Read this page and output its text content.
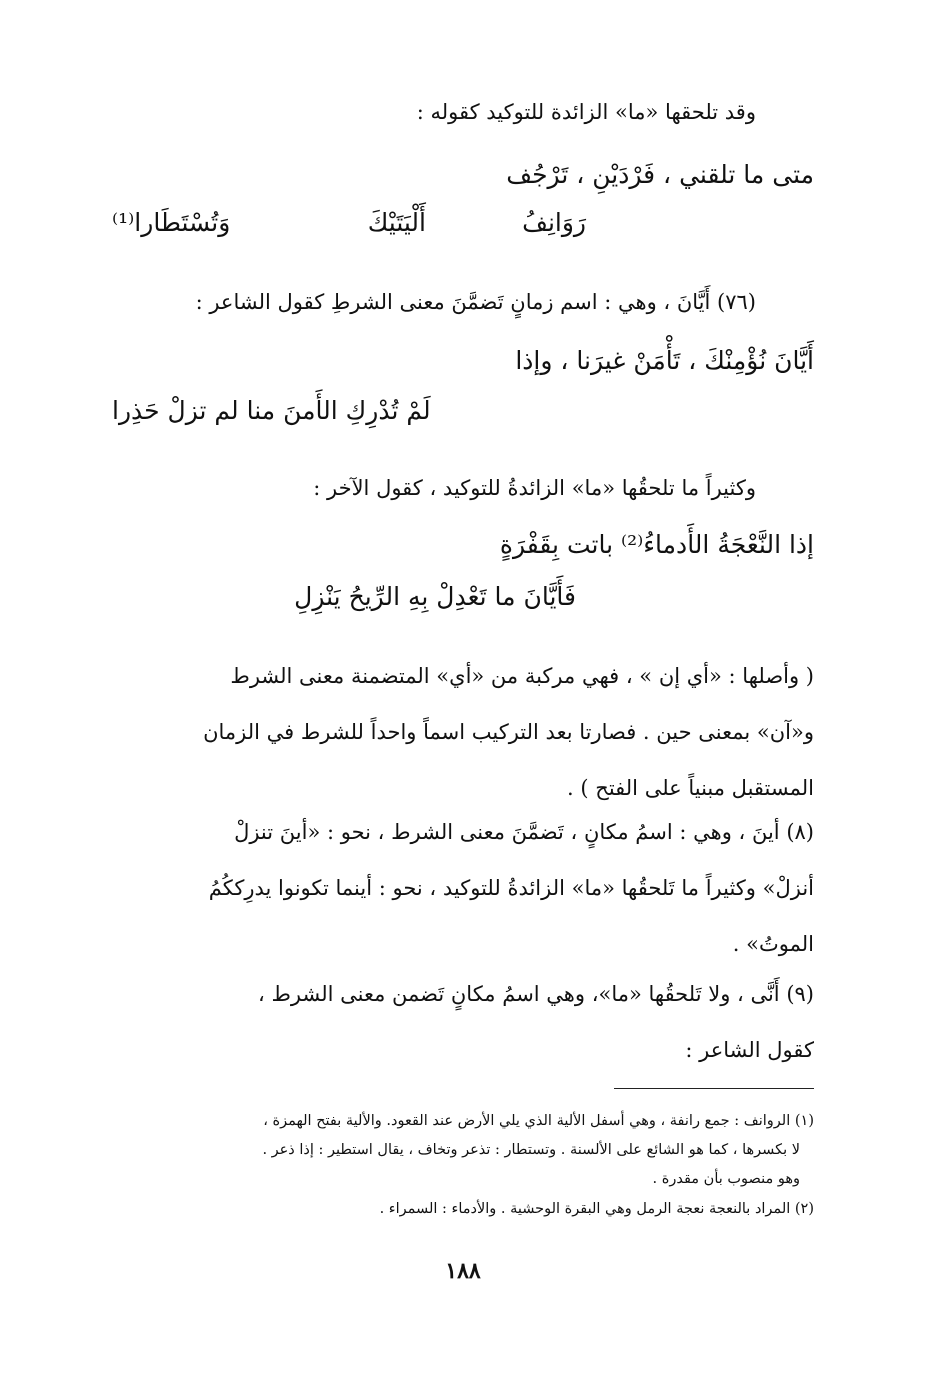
وقد تلحقها «ما» الزائدة للتوكيد كقوله :
متى ما تلقني ، فَرْدَيْنِ ، تَرْجُف
رَوَانِفُ
أَلْيَتَيْكَ
وَتُسْتَطَارا⁽¹⁾
(٧٦) أَيَّانَ ، وهي : اسم زمانٍ تَضمَّنَ معنى الشرطِ كقول الشاعر :
أَيَّانَ نُؤْمِنْكَ ، تَأْمَنْ غيرَنا ، وإذا
لَمْ تُدْرِكِ الأَمنَ منا لم تزلْ حَذِرا
وكثيراً ما تلحقُها «ما» الزائدةُ للتوكيد ، كقول الآخر :
إذا النَّعْجَةُ الأَدماءُ⁽²⁾ باتت بِقَفْرَةٍ
فَأَيَّانَ ما تَعْدِلْ بِهِ الرِّيحُ يَنْزِلِ
( وأصلها : «أي إن » ، فهي مركبة من «أي» المتضمنة معنى الشرط
و«آن» بمعنى حين . فصارتا بعد التركيب اسماً واحداً للشرط في الزمان
المستقبل مبنياً على الفتح ) .
(٨) أينَ ، وهي : اسمُ مكانٍ ، تَضمَّنَ معنى الشرط ، نحو : «أينَ تنزلْ
أنزلْ» وكثيراً ما تَلحقُها «ما» الزائدةُ للتوكيد ، نحو : أينما تكونوا يدرِككُمُ
الموتُ» .
(٩) أَنَّى ، ولا تَلحقُها «ما»، وهي اسمُ مكانٍ تَضمن معنى الشرط ،
كقول الشاعر :
(١) الروانف : جمع رانفة ، وهي أسفل الألية الذي يلي الأرض عند القعود. والألية بفتح الهمزة ،
لا بكسرها ، كما هو الشائع على الألسنة . وتستطار : تذعر وتخاف ، يقال استطير : إذا ذعر .
وهو منصوب بأن مقدرة .
(٢) المراد بالنعجة نعجة الرمل وهي البقرة الوحشية . والأدماء : السمراء .
١٨٨
